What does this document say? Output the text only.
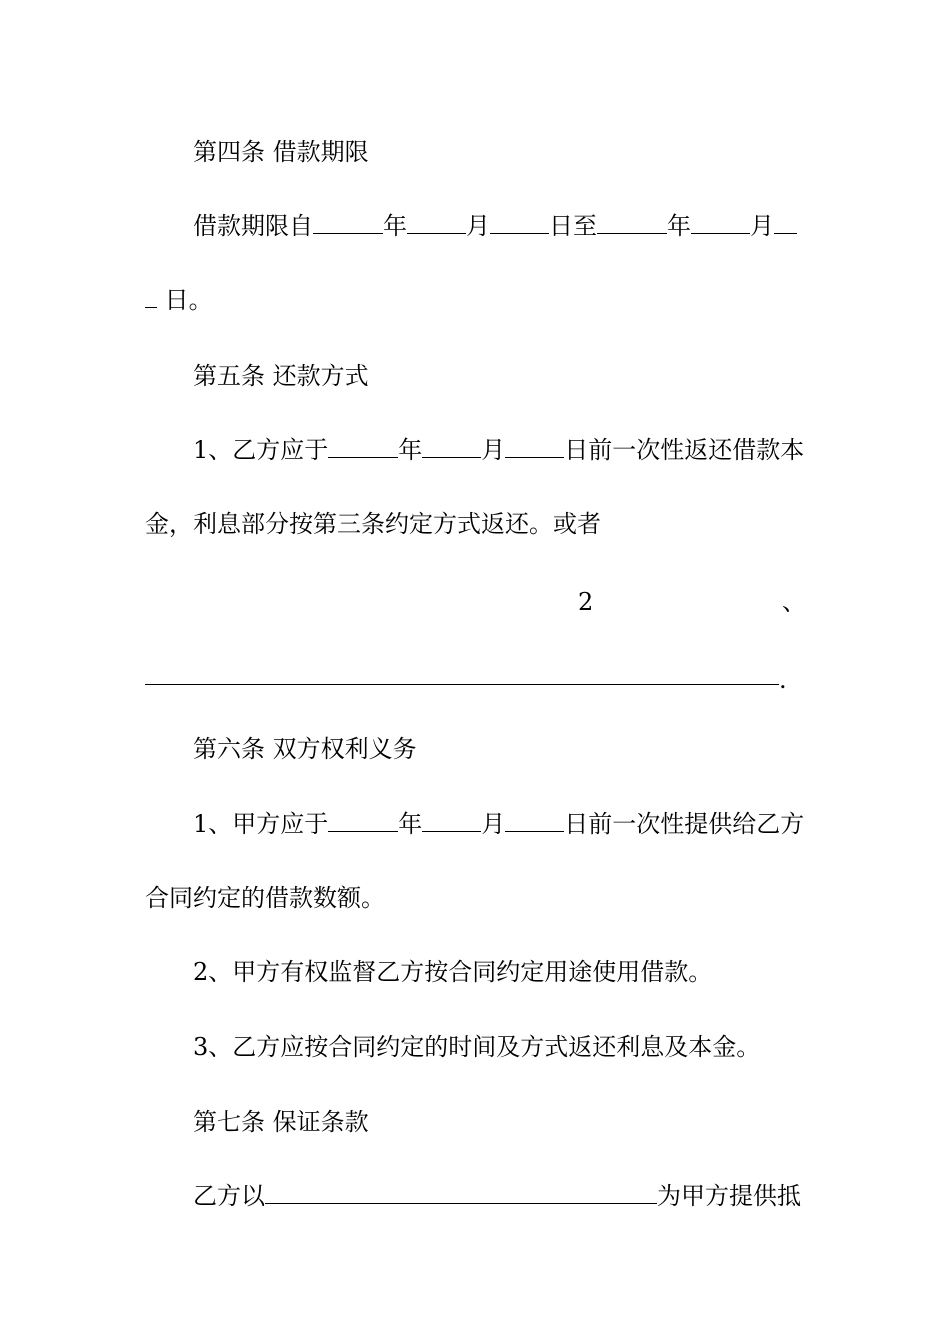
第四条 借款期限
借款期限自	年 月 日至	年 月
日。
第五条 还款方式
1、乙方应于	年 月 日前一次性返还借款本
金，利息部分按第三条约定方式返还。或者
2	、
.
第六条 双方权利义务
1、甲方应于	年 月 日前一次性提供给乙方
合同约定的借款数额。
2、甲方有权监督乙方按合同约定用途使用借款。
3、乙方应按合同约定的时间及方式返还利息及本金。
第七条 保证条款
乙方以	为甲方提供抵
